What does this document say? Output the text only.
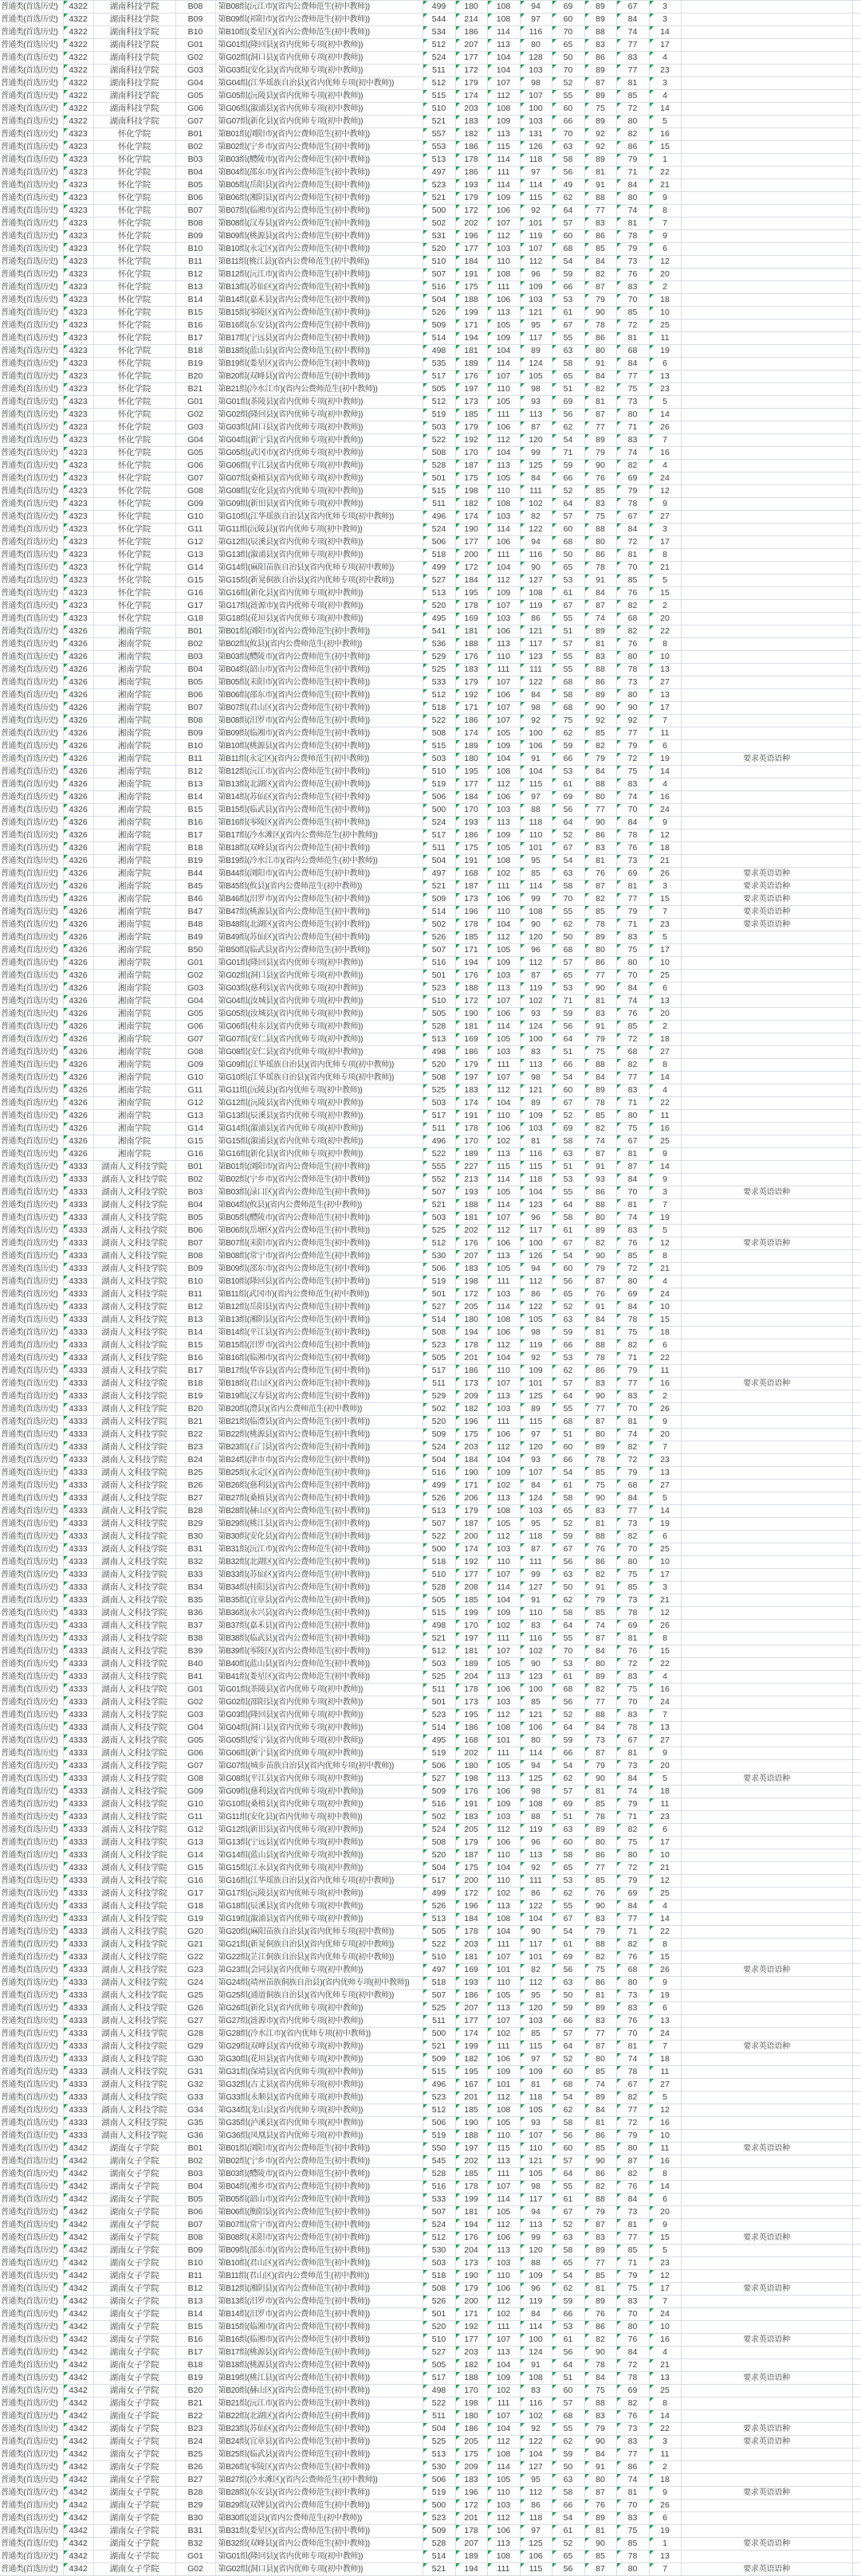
普通类(首选历史)	4322	湖南科技学院	B08	第B08组(沅江市)(省内公费师范生(初中教师))	499	180	108	94	69	89	67	3		
普通类(首选历史)	4322	湖南科技学院	B09	第B09组(祁阳市)(省内公费师范生(初中教师))	544	214	108	97	60	89	84	3		
普通类(首选历史)	4322	湖南科技学院	B10	第B10组(娄星区)(省内公费师范生(初中教师))	534	186	114	116	70	88	74	14		
普通类(首选历史)	4322	湖南科技学院	G01	第G01组(隆回县)(省内优师专项(初中教师))	512	207	113	80	65	83	77	17		
普通类(首选历史)	4322	湖南科技学院	G02	第G02组(洞口县)(省内优师专项(初中教师))	524	177	104	128	50	86	83	4		
普通类(首选历史)	4322	湖南科技学院	G03	第G03组(安化县)(省内优师专项(初中教师))	511	172	104	103	70	89	77	23		
普通类(首选历史)	4322	湖南科技学院	G04	第G04组(江华瑶族自治县)(省内优师专项(初中教师))	512	179	107	98	52	87	81	3		
普通类(首选历史)	4322	湖南科技学院	G05	第G05组(沅陵县)(省内优师专项(初中教师))	515	174	112	107	55	89	85	4		
普通类(首选历史)	4322	湖南科技学院	G06	第G06组(溆浦县)(省内优师专项(初中教师))	510	203	108	100	60	75	72	14		
普通类(首选历史)	4322	湖南科技学院	G07	第G07组(新化县)(省内优师专项(初中教师))	521	183	109	103	66	89	80	5		
普通类(首选历史)	4323	怀化学院	B01	第B01组(浏阳市)(省内公费师范生(初中教师))	557	182	113	131	70	92	82	16		
普通类(首选历史)	4323	怀化学院	B02	第B02组(宁乡市)(省内公费师范生(初中教师))	553	186	115	126	63	92	86	15		
普通类(首选历史)	4323	怀化学院	B03	第B03组(醴陵市)(省内公费师范生(初中教师))	513	178	114	118	58	89	79	1		
普通类(首选历史)	4323	怀化学院	B04	第B04组(邵东市)(省内公费师范生(初中教师))	497	186	111	97	56	81	71	22		
普通类(首选历史)	4323	怀化学院	B05	第B05组(岳阳县)(省内公费师范生(初中教师))	523	193	114	114	49	91	84	21		
普通类(首选历史)	4323	怀化学院	B06	第B06组(湘阴县)(省内公费师范生(初中教师))	521	179	109	115	62	88	80	9		
普通类(首选历史)	4323	怀化学院	B07	第B07组(临湘市)(省内公费师范生(初中教师))	500	172	106	92	64	77	74	8		
普通类(首选历史)	4323	怀化学院	B08	第B08组(汉寿县)(省内公费师范生(初中教师))	502	202	107	101	57	83	81	7		
普通类(首选历史)	4323	怀化学院	B09	第B09组(桃源县)(省内公费师范生(初中教师))	531	196	112	119	60	86	78	9		
普通类(首选历史)	4323	怀化学院	B10	第B10组(永定区)(省内公费师范生(初中教师))	520	177	103	107	68	85	79	6		
普通类(首选历史)	4323	怀化学院	B11	第B11组(桃江县)(省内公费师范生(初中教师))	510	184	110	112	54	84	73	12		
普通类(首选历史)	4323	怀化学院	B12	第B12组(沅江市)(省内公费师范生(初中教师))	507	191	108	96	59	82	76	20		
普通类(首选历史)	4323	怀化学院	B13	第B13组(苏仙区)(省内公费师范生(初中教师))	516	175	111	109	66	87	83	2		
普通类(首选历史)	4323	怀化学院	B14	第B14组(嘉禾县)(省内公费师范生(初中教师))	504	188	106	103	53	79	70	18		
普通类(首选历史)	4323	怀化学院	B15	第B15组(零陵区)(省内公费师范生(初中教师))	526	199	113	121	61	90	85	10		
普通类(首选历史)	4323	怀化学院	B16	第B16组(东安县)(省内公费师范生(初中教师))	509	171	105	95	67	78	72	25		
普通类(首选历史)	4323	怀化学院	B17	第B17组(宁远县)(省内公费师范生(初中教师))	514	194	109	117	55	86	81	11		
普通类(首选历史)	4323	怀化学院	B18	第B18组(蓝山县)(省内公费师范生(初中教师))	498	181	104	89	63	80	68	19		
普通类(首选历史)	4323	怀化学院	B19	第B19组(娄星区)(省内公费师范生(初中教师))	535	189	114	124	58	91	84	6		
普通类(首选历史)	4323	怀化学院	B20	第B20组(双峰县)(省内公费师范生(初中教师))	517	176	107	105	65	84	77	13		
普通类(首选历史)	4323	怀化学院	B21	第B21组(冷水江市)(省内公费师范生(初中教师))	505	197	110	98	51	82	75	23		
普通类(首选历史)	4323	怀化学院	G01	第G01组(茶陵县)(省内优师专项(初中教师))	512	173	105	93	69	81	73	5		
普通类(首选历史)	4323	怀化学院	G02	第G02组(隆回县)(省内优师专项(初中教师))	519	185	111	113	56	87	80	14		
普通类(首选历史)	4323	怀化学院	G03	第G03组(洞口县)(省内优师专项(初中教师))	503	179	106	87	62	77	71	26		
普通类(首选历史)	4323	怀化学院	G04	第G04组(新宁县)(省内优师专项(初中教师))	522	192	112	120	54	89	83	7		
普通类(首选历史)	4323	怀化学院	G05	第G05组(武冈市)(省内优师专项(初中教师))	508	170	104	99	71	79	74	16		
普通类(首选历史)	4323	怀化学院	G06	第G06组(平江县)(省内优师专项(初中教师))	528	187	113	125	59	90	82	4		
普通类(首选历史)	4323	怀化学院	G07	第G07组(桑植县)(省内优师专项(初中教师))	501	175	105	84	66	76	69	24		
普通类(首选历史)	4323	怀化学院	G08	第G08组(安化县)(省内优师专项(初中教师))	515	198	110	111	52	85	79	12		
普通类(首选历史)	4323	怀化学院	G09	第G09组(新田县)(省内优师专项(初中教师))	511	182	108	102	64	83	78	9		
普通类(首选历史)	4323	怀化学院	G10	第G10组(江华瑶族自治县)(省内优师专项(初中教师))	496	174	103	82	57	75	67	27		
普通类(首选历史)	4323	怀化学院	G11	第G11组(沅陵县)(省内优师专项(初中教师))	524	190	114	122	60	88	84	3		
普通类(首选历史)	4323	怀化学院	G12	第G12组(辰溪县)(省内优师专项(初中教师))	506	177	106	94	68	80	72	17		
普通类(首选历史)	4323	怀化学院	G13	第G13组(溆浦县)(省内优师专项(初中教师))	518	200	111	116	50	86	81	8		
普通类(首选历史)	4323	怀化学院	G14	第G14组(麻阳苗族自治县)(省内优师专项(初中教师))	499	172	104	90	65	78	70	21		
普通类(首选历史)	4323	怀化学院	G15	第G15组(新晃侗族自治县)(省内优师专项(初中教师))	527	184	112	127	53	91	85	5		
普通类(首选历史)	4323	怀化学院	G16	第G16组(新化县)(省内优师专项(初中教师))	513	195	109	108	61	84	76	15		
普通类(首选历史)	4323	怀化学院	G17	第G17组(涟源市)(省内优师专项(初中教师))	520	178	107	119	67	87	82	2		
普通类(首选历史)	4323	怀化学院	G18	第G18组(花垣县)(省内优师专项(初中教师))	495	169	103	86	55	74	68	20		
普通类(首选历史)	4326	湘南学院	B01	第B01组(浏阳市)(省内公费师范生(初中教师))	541	181	106	121	51	89	82	22		
普通类(首选历史)	4326	湘南学院	B02	第B02组(攸县)(省内公费师范生(初中教师))	536	188	113	117	57	81	76	8		
普通类(首选历史)	4326	湘南学院	B03	第B03组(醴陵市)(省内公费师范生(初中教师))	529	176	110	123	55	83	80	10		
普通类(首选历史)	4326	湘南学院	B04	第B04组(韶山市)(省内公费师范生(初中教师))	525	183	111	111	55	88	78	13		
普通类(首选历史)	4326	湘南学院	B05	第B05组(耒阳市)(省内公费师范生(初中教师))	533	179	107	122	68	86	73	27		
普通类(首选历史)	4326	湘南学院	B06	第B06组(邵东市)(省内公费师范生(初中教师))	512	192	106	84	58	89	80	13		
普通类(首选历史)	4326	湘南学院	B07	第B07组(君山区)(省内公费师范生(初中教师))	518	171	107	98	68	90	90	17		
普通类(首选历史)	4326	湘南学院	B08	第B08组(汨罗市)(省内公费师范生(初中教师))	522	186	107	92	75	92	92	7		
普通类(首选历史)	4326	湘南学院	B09	第B09组(临湘市)(省内公费师范生(初中教师))	508	174	105	100	62	85	77	11		
普通类(首选历史)	4326	湘南学院	B10	第B10组(桃源县)(省内公费师范生(初中教师))	515	189	109	106	59	82	79	6		
普通类(首选历史)	4326	湘南学院	B11	第B11组(永定区)(省内公费师范生(初中教师))	503	180	104	91	66	79	72	19	要求英语语种	
普通类(首选历史)	4326	湘南学院	B12	第B12组(沅江市)(省内公费师范生(初中教师))	510	195	108	104	53	84	75	14		
普通类(首选历史)	4326	湘南学院	B13	第B13组(北湖区)(省内公费师范生(初中教师))	519	177	112	115	61	88	83	4		
普通类(首选历史)	4326	湘南学院	B14	第B14组(苏仙区)(省内公费师范生(初中教师))	506	184	106	97	69	80	74	16		
普通类(首选历史)	4326	湘南学院	B15	第B15组(临武县)(省内公费师范生(初中教师))	500	170	103	88	56	77	70	24		
普通类(首选历史)	4326	湘南学院	B16	第B16组(零陵区)(省内公费师范生(初中教师))	524	193	113	118	64	90	84	9		
普通类(首选历史)	4326	湘南学院	B17	第B17组(冷水滩区)(省内公费师范生(初中教师))	517	186	109	110	52	86	78	12		
普通类(首选历史)	4326	湘南学院	B18	第B18组(双峰县)(省内公费师范生(初中教师))	511	175	105	101	67	83	76	18		
普通类(首选历史)	4326	湘南学院	B19	第B19组(冷水江市)(省内公费师范生(初中教师))	504	191	108	95	54	81	73	21		
普通类(首选历史)	4326	湘南学院	B44	第B44组(浏阳市)(省内公费师范生(初中教师))	497	168	102	85	63	76	69	26	要求英语语种	
普通类(首选历史)	4326	湘南学院	B45	第B45组(攸县)(省内公费师范生(初中教师))	521	187	111	114	58	87	81	3	要求英语语种	
普通类(首选历史)	4326	湘南学院	B46	第B46组(汨罗市)(省内公费师范生(初中教师))	509	173	106	99	70	82	77	15	要求英语语种	
普通类(首选历史)	4326	湘南学院	B47	第B47组(桃源县)(省内公费师范生(初中教师))	514	196	110	108	55	85	79	7	要求英语语种	
普通类(首选历史)	4326	湘南学院	B48	第B48组(北湖区)(省内公费师范生(初中教师))	502	178	104	90	62	78	71	23	要求英语语种	
普通类(首选历史)	4326	湘南学院	B49	第B49组(苏仙区)(省内公费师范生(初中教师))	526	185	112	120	50	89	83	5		
普通类(首选历史)	4326	湘南学院	B50	第B50组(临武县)(省内公费师范生(初中教师))	507	171	105	96	68	80	75	17		
普通类(首选历史)	4326	湘南学院	G01	第G01组(隆回县)(省内优师专项(初中教师))	516	194	109	112	57	86	80	10		
普通类(首选历史)	4326	湘南学院	G02	第G02组(洞口县)(省内优师专项(初中教师))	501	176	103	87	65	77	70	25		
普通类(首选历史)	4326	湘南学院	G03	第G03组(慈利县)(省内优师专项(初中教师))	523	188	113	119	53	90	84	6		
普通类(首选历史)	4326	湘南学院	G04	第G04组(汝城县)(省内优师专项(初中教师))	510	172	107	102	71	81	74	13		
普通类(首选历史)	4326	湘南学院	G05	第G05组(汝城县)(省内优师专项(初中教师))	505	190	106	93	59	83	76	20		
普通类(首选历史)	4326	湘南学院	G06	第G06组(桂东县)(省内优师专项(初中教师))	528	181	114	124	56	91	85	2		
普通类(首选历史)	4326	湘南学院	G07	第G07组(安仁县)(省内优师专项(初中教师))	513	169	105	100	64	79	72	18		
普通类(首选历史)	4326	湘南学院	G08	第G08组(安仁县)(省内优师专项(初中教师))	498	186	103	83	51	75	68	27		
普通类(首选历史)	4326	湘南学院	G09	第G09组(江华瑶族自治县)(省内优师专项(初中教师))	520	179	111	113	66	88	82	8		
普通类(首选历史)	4326	湘南学院	G10	第G10组(江华瑶族自治县)(省内优师专项(初中教师))	508	197	107	98	54	84	77	14		
普通类(首选历史)	4326	湘南学院	G11	第G11组(沅陵县)(省内优师专项(初中教师))	525	183	112	121	60	89	83	4		
普通类(首选历史)	4326	湘南学院	G12	第G12组(沅陵县)(省内优师专项(初中教师))	503	174	104	89	67	78	71	22		
普通类(首选历史)	4326	湘南学院	G13	第G13组(辰溪县)(省内优师专项(初中教师))	517	191	110	109	52	85	80	11		
普通类(首选历史)	4326	湘南学院	G14	第G14组(溆浦县)(省内优师专项(初中教师))	511	178	106	103	69	82	75	16		
普通类(首选历史)	4326	湘南学院	G15	第G15组(溆浦县)(省内优师专项(初中教师))	496	170	102	81	58	74	67	25		
普通类(首选历史)	4326	湘南学院	G16	第G16组(新化县)(省内优师专项(初中教师))	522	189	113	116	63	87	81	9		
普通类(首选历史)	4333	湖南人文科技学院	B01	第B01组(浏阳市)(省内公费师范生(初中教师))	555	227	115	115	51	91	87	14		
普通类(首选历史)	4333	湖南人文科技学院	B02	第B02组(宁乡市)(省内公费师范生(初中教师))	552	213	114	118	53	93	84	9		
普通类(首选历史)	4333	湖南人文科技学院	B03	第B03组(渌口区)(省内公费师范生(初中教师))	507	193	105	104	55	86	70	3	要求英语语种	
普通类(首选历史)	4333	湖南人文科技学院	B04	第B04组(攸县)(省内公费师范生(初中教师))	521	188	114	123	64	88	81	7		
普通类(首选历史)	4333	湖南人文科技学院	B05	第B05组(醴陵市)(省内公费师范生(初中教师))	503	181	107	96	58	80	74	19		
普通类(首选历史)	4333	湖南人文科技学院	B06	第B06组(岳塘区)(省内公费师范生(初中教师))	525	202	112	117	61	89	83	5		
普通类(首选历史)	4333	湖南人文科技学院	B07	第B07组(耒阳市)(省内公费师范生(初中教师))	512	176	106	100	67	82	76	12	要求英语语种	
普通类(首选历史)	4333	湖南人文科技学院	B08	第B08组(常宁市)(省内公费师范生(初中教师))	530	207	113	126	54	90	85	8		
普通类(首选历史)	4333	湖南人文科技学院	B09	第B09组(邵东市)(省内公费师范生(初中教师))	506	183	105	94	60	79	72	21		
普通类(首选历史)	4333	湖南人文科技学院	B10	第B10组(隆回县)(省内公费师范生(初中教师))	519	198	111	112	56	87	80	4		
普通类(首选历史)	4333	湖南人文科技学院	B11	第B11组(武冈市)(省内公费师范生(初中教师))	501	172	103	86	65	76	69	24		
普通类(首选历史)	4333	湖南人文科技学院	B12	第B12组(岳阳县)(省内公费师范生(初中教师))	527	205	114	122	52	91	84	10		
普通类(首选历史)	4333	湖南人文科技学院	B13	第B13组(湘阴县)(省内公费师范生(初中教师))	514	180	108	105	63	84	78	15		
普通类(首选历史)	4333	湖南人文科技学院	B14	第B14组(平江县)(省内公费师范生(初中教师))	508	194	106	98	59	81	75	18		
普通类(首选历史)	4333	湖南人文科技学院	B15	第B15组(汨罗市)(省内公费师范生(初中教师))	523	178	112	119	66	88	82	6		
普通类(首选历史)	4333	湖南人文科技学院	B16	第B16组(临湘市)(省内公费师范生(初中教师))	505	201	104	92	53	78	71	22		
普通类(首选历史)	4333	湖南人文科技学院	B17	第B17组(华容县)(省内公费师范生(初中教师))	517	186	110	109	62	86	79	11		
普通类(首选历史)	4333	湖南人文科技学院	B18	第B18组(君山区)(省内公费师范生(初中教师))	511	173	107	101	57	83	77	16	要求英语语种	
普通类(首选历史)	4333	湖南人文科技学院	B19	第B19组(汉寿县)(省内公费师范生(初中教师))	529	209	113	125	64	90	83	2		
普通类(首选历史)	4333	湖南人文科技学院	B20	第B20组(澧县)(省内公费师范生(初中教师))	502	182	103	89	55	77	70	26		
普通类(首选历史)	4333	湖南人文科技学院	B21	第B21组(临澧县)(省内公费师范生(初中教师))	520	196	111	115	68	87	81	9		
普通类(首选历史)	4333	湖南人文科技学院	B22	第B22组(桃源县)(省内公费师范生(初中教师))	509	175	106	97	51	80	74	20		
普通类(首选历史)	4333	湖南人文科技学院	B23	第B23组(石门县)(省内公费师范生(初中教师))	524	203	112	120	60	89	82	7		
普通类(首选历史)	4333	湖南人文科技学院	B24	第B24组(津市市)(省内公费师范生(初中教师))	504	184	104	93	66	78	72	23		
普通类(首选历史)	4333	湖南人文科技学院	B25	第B25组(永定区)(省内公费师范生(初中教师))	516	190	109	107	54	85	79	13		
普通类(首选历史)	4333	湖南人文科技学院	B26	第B26组(慈利县)(省内公费师范生(初中教师))	499	171	102	84	61	75	68	27		
普通类(首选历史)	4333	湖南人文科技学院	B27	第B27组(桑植县)(省内公费师范生(初中教师))	526	206	113	124	58	90	84	5		
普通类(首选历史)	4333	湖南人文科技学院	B28	第B28组(赫山区)(省内公费师范生(初中教师))	513	179	108	103	65	83	77	14		
普通类(首选历史)	4333	湖南人文科技学院	B29	第B29组(桃江县)(省内公费师范生(初中教师))	507	187	105	95	52	81	73	19		
普通类(首选历史)	4333	湖南人文科技学院	B30	第B30组(安化县)(省内公费师范生(初中教师))	522	200	112	118	59	88	82	6		
普通类(首选历史)	4333	湖南人文科技学院	B31	第B31组(沅江市)(省内公费师范生(初中教师))	500	174	103	87	67	76	70	25		
普通类(首选历史)	4333	湖南人文科技学院	B32	第B32组(北湖区)(省内公费师范生(初中教师))	518	192	110	111	56	86	80	10		
普通类(首选历史)	4333	湖南人文科技学院	B33	第B33组(苏仙区)(省内公费师范生(初中教师))	510	177	107	99	63	82	75	17		
普通类(首选历史)	4333	湖南人文科技学院	B34	第B34组(桂阳县)(省内公费师范生(初中教师))	528	208	114	127	50	91	85	3		
普通类(首选历史)	4333	湖南人文科技学院	B35	第B35组(宜章县)(省内公费师范生(初中教师))	505	185	104	91	62	79	73	21		
普通类(首选历史)	4333	湖南人文科技学院	B36	第B36组(永兴县)(省内公费师范生(初中教师))	515	199	109	110	58	85	78	12		
普通类(首选历史)	4333	湖南人文科技学院	B37	第B37组(嘉禾县)(省内公费师范生(初中教师))	498	170	102	83	64	74	69	26		
普通类(首选历史)	4333	湖南人文科技学院	B38	第B38组(临武县)(省内公费师范生(初中教师))	521	197	111	116	55	87	81	8		
普通类(首选历史)	4333	湖南人文科技学院	B39	第B39组(零陵区)(省内公费师范生(初中教师))	512	181	107	102	70	84	76	15		
普通类(首选历史)	4333	湖南人文科技学院	B40	第B40组(蓝山县)(省内公费师范生(初中教师))	503	189	105	90	53	80	72	22		
普通类(首选历史)	4333	湖南人文科技学院	B41	第B41组(娄星区)(省内公费师范生(初中教师))	525	204	113	123	61	89	83	4		
普通类(首选历史)	4333	湖南人文科技学院	G01	第G01组(茶陵县)(省内优师专项(初中教师))	511	178	106	100	68	82	75	16		
普通类(首选历史)	4333	湖南人文科技学院	G02	第G02组(邵阳县)(省内优师专项(初中教师))	501	173	103	85	56	77	70	24		
普通类(首选历史)	4333	湖南人文科技学院	G03	第G03组(隆回县)(省内优师专项(初中教师))	523	195	112	121	52	88	83	7		
普通类(首选历史)	4333	湖南人文科技学院	G04	第G04组(洞口县)(省内优师专项(初中教师))	514	186	108	106	64	84	78	13		
普通类(首选历史)	4333	湖南人文科技学院	G05	第G05组(绥宁县)(省内优师专项(初中教师))	495	168	101	80	59	73	67	27		
普通类(首选历史)	4333	湖南人文科技学院	G06	第G06组(新宁县)(省内优师专项(初中教师))	519	202	111	114	66	87	81	9		
普通类(首选历史)	4333	湖南人文科技学院	G07	第G07组(城步苗族自治县)(省内优师专项(初中教师))	506	180	105	94	54	79	73	20		
普通类(首选历史)	4333	湖南人文科技学院	G08	第G08组(平江县)(省内优师专项(初中教师))	527	198	113	125	62	90	84	5	要求英语语种	
普通类(首选历史)	4333	湖南人文科技学院	G09	第G09组(慈利县)(省内优师专项(初中教师))	509	176	106	98	57	81	74	18		
普通类(首选历史)	4333	湖南人文科技学院	G10	第G10组(桑植县)(省内优师专项(初中教师))	516	191	109	108	69	85	79	11		
普通类(首选历史)	4333	湖南人文科技学院	G11	第G11组(安化县)(省内优师专项(初中教师))	502	183	103	88	51	78	71	23		
普通类(首选历史)	4333	湖南人文科技学院	G12	第G12组(新田县)(省内优师专项(初中教师))	524	205	112	119	63	89	82	6		
普通类(首选历史)	4333	湖南人文科技学院	G13	第G13组(宁远县)(省内优师专项(初中教师))	508	179	106	96	60	80	75	17		
普通类(首选历史)	4333	湖南人文科技学院	G14	第G14组(蓝山县)(省内优师专项(初中教师))	520	187	110	113	58	86	80	10		
普通类(首选历史)	4333	湖南人文科技学院	G15	第G15组(江永县)(省内优师专项(初中教师))	504	175	104	92	65	77	72	21		
普通类(首选历史)	4333	湖南人文科技学院	G16	第G16组(江华瑶族自治县)(省内优师专项(初中教师))	517	200	110	111	53	85	79	12		
普通类(首选历史)	4333	湖南人文科技学院	G17	第G17组(沅陵县)(省内优师专项(初中教师))	499	172	102	86	62	76	69	25		
普通类(首选历史)	4333	湖南人文科技学院	G18	第G18组(辰溪县)(省内优师专项(初中教师))	526	196	113	122	55	90	84	4		
普通类(首选历史)	4333	湖南人文科技学院	G19	第G19组(溆浦县)(省内优师专项(初中教师))	513	184	108	104	67	83	77	14		
普通类(首选历史)	4333	湖南人文科技学院	G20	第G20组(麻阳苗族自治县)(省内优师专项(初中教师))	505	178	104	90	54	79	71	22		
普通类(首选历史)	4333	湖南人文科技学院	G21	第G21组(新晃侗族自治县)(省内优师专项(初中教师))	522	203	111	117	61	88	82	8		
普通类(首选历史)	4333	湖南人文科技学院	G22	第G22组(芷江侗族自治县)(省内优师专项(初中教师))	510	181	107	101	69	82	76	15		
普通类(首选历史)	4333	湖南人文科技学院	G23	第G23组(会同县)(省内优师专项(初中教师))	497	169	101	82	56	75	68	26	要求英语语种	
普通类(首选历史)	4333	湖南人文科技学院	G24	第G24组(靖州苗族侗族自治县)(省内优师专项(初中教师))	518	193	110	112	63	86	80	9		
普通类(首选历史)	4333	湖南人文科技学院	G25	第G25组(通道侗族自治县)(省内优师专项(初中教师))	507	186	105	95	50	81	73	19		
普通类(首选历史)	4333	湖南人文科技学院	G26	第G26组(新化县)(省内优师专项(初中教师))	525	207	113	120	59	89	83	6		
普通类(首选历史)	4333	湖南人文科技学院	G27	第G27组(涟源市)(省内优师专项(初中教师))	511	177	107	103	66	83	76	13		
普通类(首选历史)	4333	湖南人文科技学院	G28	第G28组(冷水江市)(省内优师专项(初中教师))	500	174	102	85	57	77	70	24		
普通类(首选历史)	4333	湖南人文科技学院	G29	第G29组(双峰县)(省内优师专项(初中教师))	521	199	111	115	64	87	81	7	要求英语语种	
普通类(首选历史)	4333	湖南人文科技学院	G30	第G30组(花垣县)(省内优师专项(初中教师))	509	182	106	97	52	80	74	18		
普通类(首选历史)	4333	湖南人文科技学院	G31	第G31组(保靖县)(省内优师专项(初中教师))	515	195	109	109	60	85	78	11		
普通类(首选历史)	4333	湖南人文科技学院	G32	第G32组(古丈县)(省内优师专项(初中教师))	496	167	101	81	68	74	67	27		
普通类(首选历史)	4333	湖南人文科技学院	G33	第G33组(永顺县)(省内优师专项(初中教师))	523	201	112	118	54	89	82	5		
普通类(首选历史)	4333	湖南人文科技学院	G34	第G34组(龙山县)(省内优师专项(初中教师))	512	185	108	105	62	84	77	12		
普通类(首选历史)	4333	湖南人文科技学院	G35	第G35组(泸溪县)(省内优师专项(初中教师))	506	190	105	93	58	81	72	16		
普通类(首选历史)	4333	湖南人文科技学院	G36	第G36组(凤凰县)(省内优师专项(初中教师))	519	188	110	107	56	86	79	10		
普通类(首选历史)	4342	湖南女子学院	B01	第B01组(浏阳市)(省内公费师范生(初中教师))	550	197	115	110	60	85	80	11	要求英语语种	
普通类(首选历史)	4342	湖南女子学院	B02	第B02组(宁乡市)(省内公费师范生(初中教师))	545	202	113	121	57	90	87	16		
普通类(首选历史)	4342	湖南女子学院	B03	第B03组(醴陵市)(省内公费师范生(初中教师))	528	185	111	105	64	86	82	8		
普通类(首选历史)	4342	湖南女子学院	B04	第B04组(湘乡市)(省内公费师范生(初中教师))	516	178	107	98	55	82	76	14		
普通类(首选历史)	4342	湖南女子学院	B05	第B05组(韶山市)(省内公费师范生(初中教师))	533	199	114	117	61	88	84	6		
普通类(首选历史)	4342	湖南女子学院	B06	第B06组(衡阳县)(省内公费师范生(初中教师))	507	181	105	94	67	79	73	20		
普通类(首选历史)	4342	湖南女子学院	B07	第B07组(常宁市)(省内公费师范生(初中教师))	524	194	112	113	52	87	81	9		
普通类(首选历史)	4342	湖南女子学院	B08	第B08组(耒阳市)(省内公费师范生(初中教师))	512	176	106	99	63	83	77	15	要求英语语种	
普通类(首选历史)	4342	湖南女子学院	B09	第B09组(邵东市)(省内公费师范生(初中教师))	530	204	113	120	58	89	85	5		
普通类(首选历史)	4342	湖南女子学院	B10	第B10组(君山区)(省内公费师范生(初中教师))	503	173	103	88	65	77	71	23		
普通类(首选历史)	4342	湖南女子学院	B11	第B11组(君山区)(省内公费师范生(初中教师))	518	190	110	109	54	85	79	12		
普通类(首选历史)	4342	湖南女子学院	B12	第B12组(湘阴县)(省内公费师范生(初中教师))	508	179	106	96	62	81	75	17	要求英语语种	
普通类(首选历史)	4342	湖南女子学院	B13	第B13组(汨罗市)(省内公费师范生(初中教师))	526	200	112	119	59	89	83	7		
普通类(首选历史)	4342	湖南女子学院	B14	第B14组(汨罗市)(省内公费师范生(初中教师))	501	171	102	84	66	76	70	24		
普通类(首选历史)	4342	湖南女子学院	B15	第B15组(临湘市)(省内公费师范生(初中教师))	520	192	111	114	53	86	80	10		
普通类(首选历史)	4342	湖南女子学院	B16	第B16组(临湘市)(省内公费师范生(初中教师))	510	177	107	100	61	82	76	16	要求英语语种	
普通类(首选历史)	4342	湖南女子学院	B17	第B17组(桃源县)(省内公费师范生(初中教师))	527	203	113	124	56	90	84	4		
普通类(首选历史)	4342	湖南女子学院	B18	第B18组(桃源县)(省内公费师范生(初中教师))	505	182	104	91	64	78	72	21		
普通类(首选历史)	4342	湖南女子学院	B19	第B19组(桃江县)(省内公费师范生(初中教师))	517	188	109	108	51	84	78	13	要求英语语种	
普通类(首选历史)	4342	湖南女子学院	B20	第B20组(赫山区)(省内公费师范生(初中教师))	498	170	102	83	60	75	69	25		
普通类(首选历史)	4342	湖南女子学院	B21	第B21组(沅江市)(省内公费师范生(初中教师))	522	198	111	116	57	88	82	8		
普通类(首选历史)	4342	湖南女子学院	B22	第B22组(北湖区)(省内公费师范生(初中教师))	511	180	107	102	68	83	76	14		
普通类(首选历史)	4342	湖南女子学院	B23	第B23组(苏仙区)(省内公费师范生(初中教师))	504	186	104	92	55	79	73	22	要求英语语种	
普通类(首选历史)	4342	湖南女子学院	B24	第B24组(宜章县)(省内公费师范生(初中教师))	525	205	112	122	62	90	83	3	要求英语语种	
普通类(首选历史)	4342	湖南女子学院	B25	第B25组(临武县)(省内公费师范生(初中教师))	513	175	108	104	59	84	77	11		
普通类(首选历史)	4342	湖南女子学院	B26	第B26组(零陵区)(省内公费师范生(初中教师))	530	209	114	127	50	91	86	2		
普通类(首选历史)	4342	湖南女子学院	B27	第B27组(冷水滩区)(省内公费师范生(初中教师))	506	183	105	95	63	80	74	18		
普通类(首选历史)	4342	湖南女子学院	B28	第B28组(东安县)(省内公费师范生(初中教师))	519	196	110	112	58	87	81	9	要求英语语种	
普通类(首选历史)	4342	湖南女子学院	B29	第B29组(双牌县)(省内公费师范生(初中教师))	500	172	103	86	66	76	70	26		
普通类(首选历史)	4342	湖南女子学院	B30	第B30组(道县)(省内公费师范生(初中教师))	523	201	112	118	54	89	83	6		
普通类(首选历史)	4342	湖南女子学院	B31	第B31组(娄星区)(省内公费师范生(初中教师))	509	178	106	97	61	81	75	19		
普通类(首选历史)	4342	湖南女子学院	B32	第B32组(双峰县)(省内公费师范生(初中教师))	528	207	113	125	52	90	85	1	要求英语语种	
普通类(首选历史)	4342	湖南女子学院	G01	第G01组(隆回县)(省内优师专项(初中教师))	514	189	108	106	65	85	78	13		
普通类(首选历史)	4342	湖南女子学院	G02	第G02组(洞口县)(省内优师专项(初中教师))	521	194	111	115	56	87	80	7	要求英语语种	
